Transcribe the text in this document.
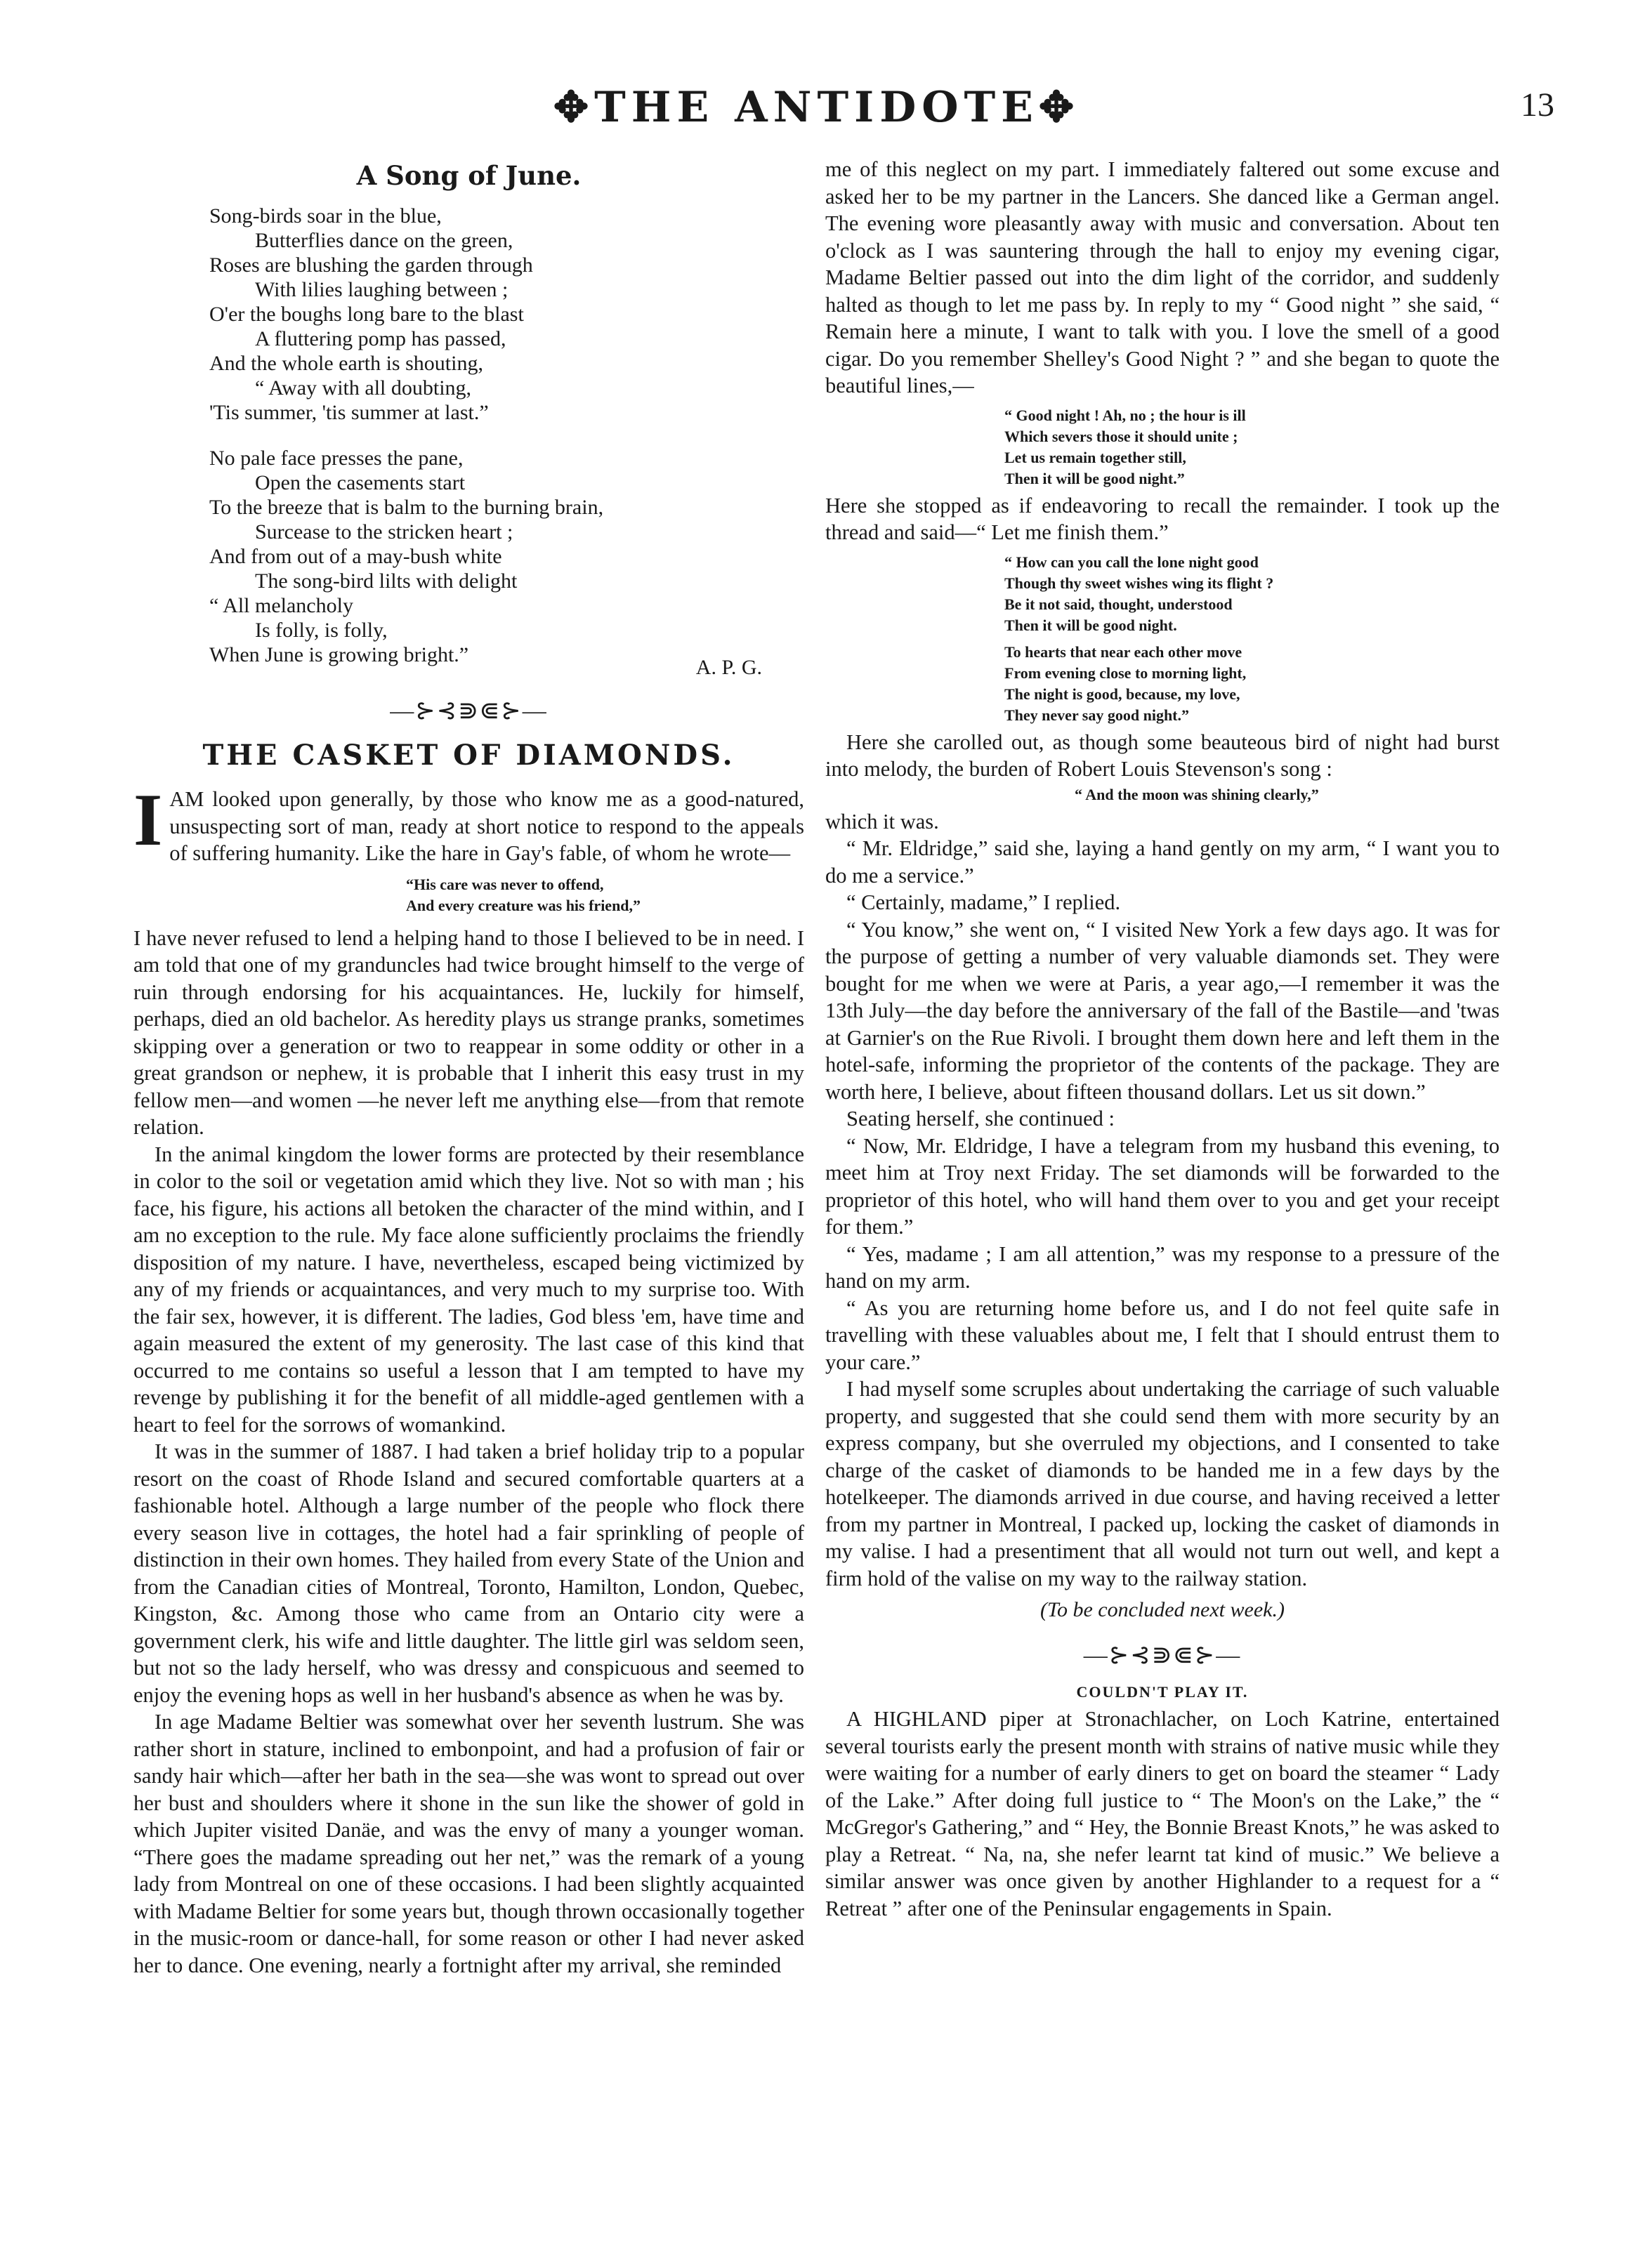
✥THE ANTIDOTE✥	13
A Song of June.
Song-birds soar in the blue,
Butterflies dance on the green,
Roses are blushing the garden through
With lilies laughing between ;
O'er the boughs long bare to the blast
A fluttering pomp has passed,
And the whole earth is shouting,
“ Away with all doubting,
'Tis summer, 'tis summer at last.”
No pale face presses the pane,
Open the casements start
To the breeze that is balm to the burning brain,
Surcease to the stricken heart ;
And from out of a may-bush white
The song-bird lilts with delight
“ All melancholy
Is folly, is folly,
When June is growing bright.”
A. P. G.
—⊱⊰⋑⋐⊱—
THE CASKET OF DIAMONDS.

IAM looked upon generally, by those who know me as a good-natured, unsuspecting sort of man, ready at short notice to respond to the appeals of suffering humanity. Like the hare in Gay's fable, of whom he wrote—

“His care was never to offend,
And every creature was his friend,”

I have never refused to lend a helping hand to those I believed to be in need. I am told that one of my granduncles had twice brought himself to the verge of ruin through endorsing for his acquaintances. He, luckily for himself, perhaps, died an old bachelor. As heredity plays us strange pranks, sometimes skipping over a generation or two to reappear in some oddity or other in a great grandson or nephew, it is probable that I inherit this easy trust in my fellow men—and women —he never left me anything else—from that remote relation.

In the animal kingdom the lower forms are protected by their resemblance in color to the soil or vegetation amid which they live. Not so with man ; his face, his figure, his actions all betoken the character of the mind within, and I am no exception to the rule. My face alone sufficiently proclaims the friendly disposition of my nature. I have, nevertheless, escaped being victimized by any of my friends or acquaintances, and very much to my surprise too. With the fair sex, however, it is different. The ladies, God bless 'em, have time and again measured the extent of my generosity. The last case of this kind that occurred to me contains so useful a lesson that I am tempted to have my revenge by publishing it for the benefit of all middle-aged gentlemen with a heart to feel for the sorrows of womankind.

It was in the summer of 1887. I had taken a brief holiday trip to a popular resort on the coast of Rhode Island and secured comfortable quarters at a fashionable hotel. Although a large number of the people who flock there every season live in cottages, the hotel had a fair sprinkling of people of distinction in their own homes. They hailed from every State of the Union and from the Canadian cities of Montreal, Toronto, Hamilton, London, Quebec, Kingston, &c. Among those who came from an Ontario city were a government clerk, his wife and little daughter. The little girl was seldom seen, but not so the lady herself, who was dressy and conspicuous and seemed to enjoy the evening hops as well in her husband's absence as when he was by.

In age Madame Beltier was somewhat over her seventh lustrum. She was rather short in stature, inclined to embonpoint, and had a profusion of fair or sandy hair which—after her bath in the sea—she was wont to spread out over her bust and shoulders where it shone in the sun like the shower of gold in which Jupiter visited Danäe, and was the envy of many a younger woman. “There goes the madame spreading out her net,” was the remark of a young lady from Montreal on one of these occasions. I had been slightly acquainted with Madame Beltier for some years but, though thrown occasionally together in the music-room or dance-hall, for some reason or other I had never asked her to dance. One evening, nearly a fortnight after my arrival, she reminded

me of this neglect on my part. I immediately faltered out some excuse and asked her to be my partner in the Lancers. She danced like a German angel. The evening wore pleasantly away with music and conversation. About ten o'clock as I was sauntering through the hall to enjoy my evening cigar, Madame Beltier passed out into the dim light of the corridor, and suddenly halted as though to let me pass by. In reply to my “ Good night ” she said, “ Remain here a minute, I want to talk with you. I love the smell of a good cigar. Do you remember Shelley's Good Night ? ” and she began to quote the beautiful lines,—

“ Good night ! Ah, no ; the hour is ill
Which severs those it should unite ;
Let us remain together still,
Then it will be good night.”

Here she stopped as if endeavoring to recall the remainder. I took up the thread and said—“ Let me finish them.”

“ How can you call the lone night good
Though thy sweet wishes wing its flight ?
Be it not said, thought, understood
Then it will be good night.
To hearts that near each other move
From evening close to morning light,
The night is good, because, my love,
They never say good night.”

Here she carolled out, as though some beauteous bird of night had burst into melody, the burden of Robert Louis Stevenson's song :

“ And the moon was shining clearly,”

which it was.

“ Mr. Eldridge,” said she, laying a hand gently on my arm, “ I want you to do me a service.”

“ Certainly, madame,” I replied.

“ You know,” she went on, “ I visited New York a few days ago. It was for the purpose of getting a number of very valuable diamonds set. They were bought for me when we were at Paris, a year ago,—I remember it was the 13th July—the day before the anniversary of the fall of the Bastile—and 'twas at Garnier's on the Rue Rivoli. I brought them down here and left them in the hotel-safe, informing the proprietor of the contents of the package. They are worth here, I believe, about fifteen thousand dollars. Let us sit down.”

Seating herself, she continued :

“ Now, Mr. Eldridge, I have a telegram from my husband this evening, to meet him at Troy next Friday. The set diamonds will be forwarded to the proprietor of this hotel, who will hand them over to you and get your receipt for them.”

“ Yes, madame ; I am all attention,” was my response to a pressure of the hand on my arm.

“ As you are returning home before us, and I do not feel quite safe in travelling with these valuables about me, I felt that I should entrust them to your care.”

I had myself some scruples about undertaking the carriage of such valuable property, and suggested that she could send them with more security by an express company, but she overruled my objections, and I consented to take charge of the casket of diamonds to be handed me in a few days by the hotelkeeper. The diamonds arrived in due course, and having received a letter from my partner in Montreal, I packed up, locking the casket of diamonds in my valise. I had a presentiment that all would not turn out well, and kept a firm hold of the valise on my way to the railway station.

(To be concluded next week.)
—⊱⊰⋑⋐⊱—
COULDN'T PLAY IT.

A HIGHLAND piper at Stronachlacher, on Loch Katrine, entertained several tourists early the present month with strains of native music while they were waiting for a number of early diners to get on board the steamer “ Lady of the Lake.” After doing full justice to “ The Moon's on the Lake,” the “ McGregor's Gathering,” and “ Hey, the Bonnie Breast Knots,” he was asked to play a Retreat. “ Na, na, she nefer learnt tat kind of music.” We believe a similar answer was once given by another Highlander to a request for a “ Retreat ” after one of the Peninsular engagements in Spain.
